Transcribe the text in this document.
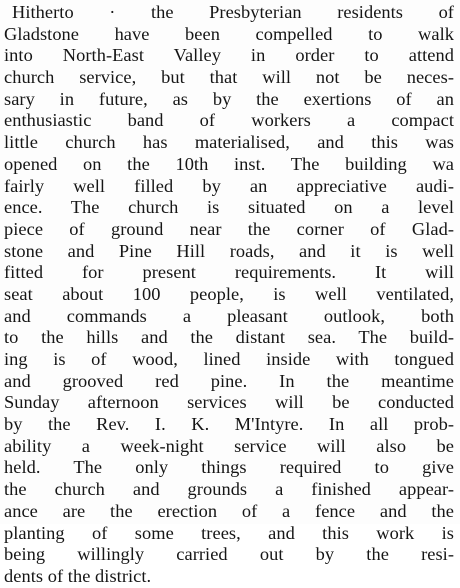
Hitherto · the Presbyterian residents of
Gladstone have been compelled to walk
into North-East Valley in order to attend
church service, but that will not be neces-
sary in future, as by the exertions of an
enthusiastic band of workers a compact
little church has materialised, and this was
opened on the 10th inst. The building wa
fairly well filled by an appreciative audi-
ence. The church is situated on a level
piece of ground near the corner of Glad-
stone and Pine Hill roads, and it is well
fitted for present requirements. It will
seat about 100 people, is well ventilated,
and commands a pleasant outlook, both
to the hills and the distant sea. The build-
ing is of wood, lined inside with tongued
and grooved red pine. In the meantime
Sunday afternoon services will be conducted
by the Rev. I. K. M'Intyre. In all prob-
ability a week-night service will also be
held. The only things required to give
the church and grounds a finished appear-
ance are the erection of a fence and the
planting of some trees, and this work is
being willingly carried out by the resi-
dents of the district.
